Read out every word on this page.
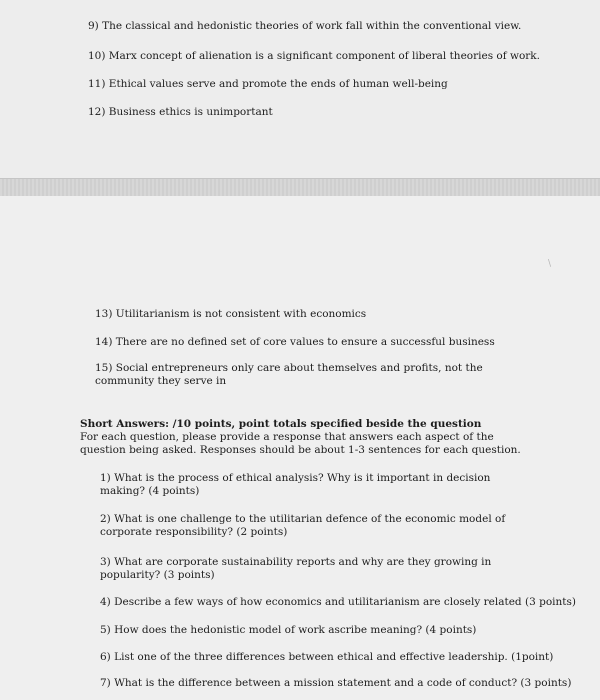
9) The classical and hedonistic theories of work fall within the conventional view.
10) Marx concept of alienation is a significant component of liberal theories of work.
11) Ethical values serve and promote the ends of human well-being
12) Business ethics is unimportant
\
13) Utilitarianism is not consistent with economics
14) There are no defined set of core values to ensure a successful business
15) Social entrepreneurs only care about themselves and profits, not the community they serve in
Short Answers: /10 points, point totals specified beside the question
For each question, please provide a response that answers each aspect of the question being asked. Responses should be about 1-3 sentences for each question.
1) What is the process of ethical analysis? Why is it important in decision making? (4 points)
2) What is one challenge to the utilitarian defence of the economic model of corporate responsibility? (2 points)
3) What are corporate sustainability reports and why are they growing in popularity? (3 points)
4) Describe a few ways of how economics and utilitarianism are closely related (3 points)
5) How does the hedonistic model of work ascribe meaning? (4 points)
6) List one of the three differences between ethical and effective leadership. (1point)
7) What is the difference between a mission statement and a code of conduct? (3 points)
